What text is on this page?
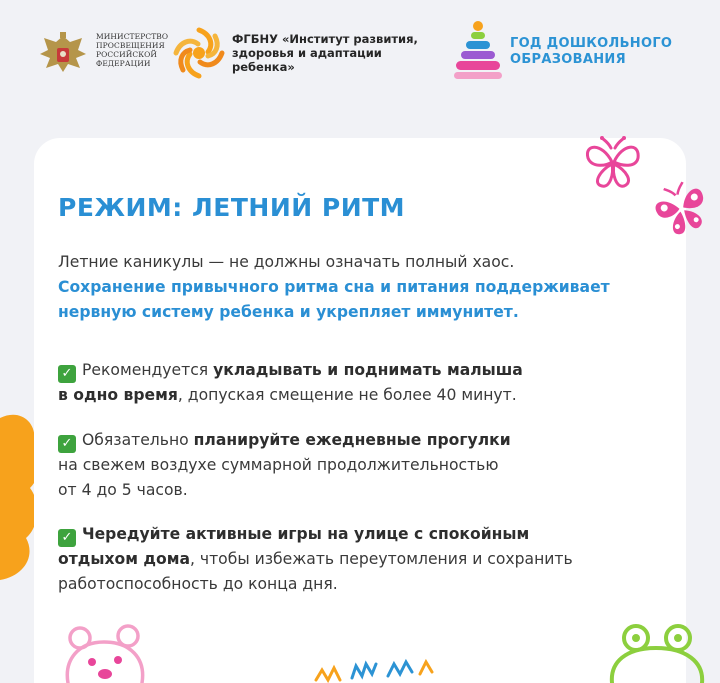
МИНИСТЕРСТВО
ПРОСВЕЩЕНИЯ
РОССИЙСКОЙ
ФЕДЕРАЦИИ
ФГБНУ «Институт развития,
здоровья и адаптации
ребенка»
ГОД ДОШКОЛЬНОГО
ОБРАЗОВАНИЯ
РЕЖИМ: ЛЕТНИЙ РИТМ
Летние каникулы — не должны означать полный хаос.
Сохранение привычного ритма сна и питания поддерживает
нервную систему ребенка и укрепляет иммунитет.
✓ Рекомендуется укладывать и поднимать малыша
в одно время, допуская смещение не более 40 минут.
✓ Обязательно планируйте ежедневные прогулки
на свежем воздухе суммарной продолжительностью
от 4 до 5 часов.
✓ Чередуйте активные игры на улице с спокойным
отдыхом дома, чтобы избежать переутомления и сохранить
работоспособность до конца дня.
